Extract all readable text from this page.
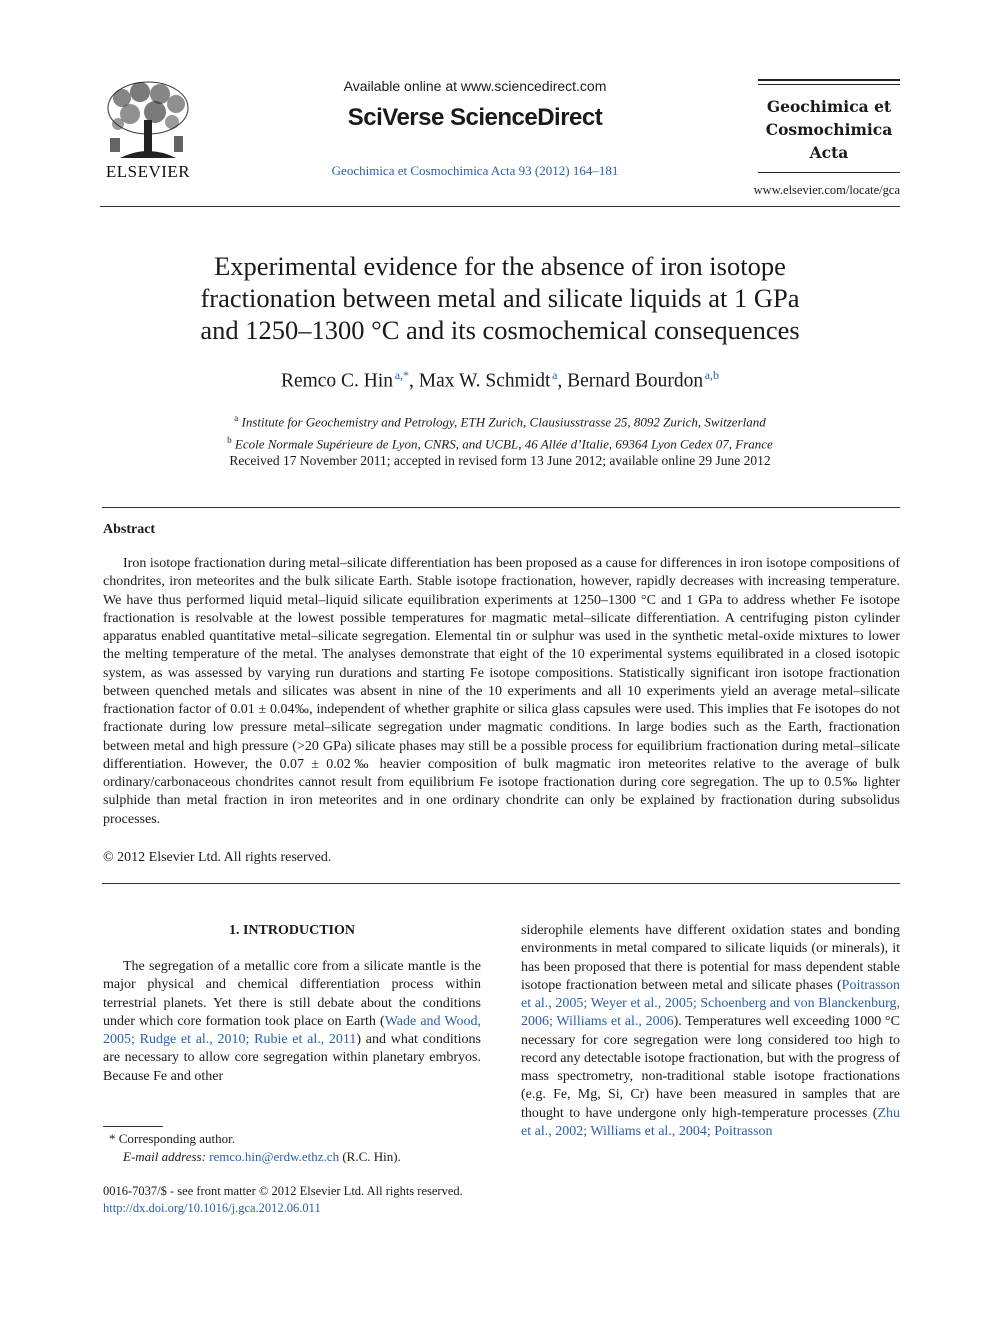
ELSEVIER
Available online at www.sciencedirect.com
SciVerse ScienceDirect
Geochimica et Cosmochimica Acta 93 (2012) 164–181
Geochimica et
Cosmochimica
Acta
www.elsevier.com/locate/gca
Experimental evidence for the absence of iron isotope
fractionation between metal and silicate liquids at 1 GPa
and 1250–1300 °C and its cosmochemical consequences
Remco C. Hin  $^{a,*}$, Max W. Schmidt  $^a$, Bernard Bourdon  $^{a,b}$
$^a$ Institute for Geochemistry and Petrology, ETH Zurich, Clausiusstrasse 25, 8092 Zurich, Switzerland
$^b$ Ecole Normale Supérieure de Lyon, CNRS, and UCBL, 46 Allée d’Italie, 69364 Lyon Cedex 07, France
Received 17 November 2011; accepted in revised form 13 June 2012; available online 29 June 2012
Abstract
Iron isotope fractionation during metal–silicate differentiation has been proposed as a cause for differences in iron isotope compositions of chondrites, iron meteorites and the bulk silicate Earth. Stable isotope fractionation, however, rapidly decreases with increasing temperature. We have thus performed liquid metal–liquid silicate equilibration experiments at 1250–1300 °C and 1 GPa to address whether Fe isotope fractionation is resolvable at the lowest possible temperatures for magmatic metal–silicate differentiation. A centrifuging piston cylinder apparatus enabled quantitative metal–silicate segregation. Elemental tin or sulphur was used in the synthetic metal-oxide mixtures to lower the melting temperature of the metal. The analyses demonstrate that eight of the 10 experimental systems equilibrated in a closed isotopic system, as was assessed by varying run durations and starting Fe isotope compositions. Statistically significant iron isotope fractionation between quenched metals and silicates was absent in nine of the 10 experiments and all 10 experiments yield an average metal–silicate fractionation factor of 0.01 ± 0.04‰, independent of whether graphite or silica glass capsules were used. This implies that Fe isotopes do not fractionate during low pressure metal–silicate segregation under magmatic conditions. In large bodies such as the Earth, fractionation between metal and high pressure (>20 GPa) silicate phases may still be a possible process for equilibrium fractionation during metal–silicate differentiation. However, the 0.07 ± 0.02‰ heavier composition of bulk magmatic iron meteorites relative to the average of bulk ordinary/carbonaceous chondrites cannot result from equilibrium Fe isotope fractionation during core segregation. The up to 0.5‰ lighter sulphide than metal fraction in iron meteorites and in one ordinary chondrite can only be explained by fractionation during subsolidus processes.
© 2012 Elsevier Ltd. All rights reserved.
1. INTRODUCTION
The segregation of a metallic core from a silicate mantle is the major physical and chemical differentiation process within terrestrial planets. Yet there is still debate about the conditions under which core formation took place on Earth (Wade and Wood, 2005; Rudge et al., 2010; Rubie et al., 2011) and what conditions are necessary to allow core segregation within planetary embryos. Because Fe and other
siderophile elements have different oxidation states and bonding environments in metal compared to silicate liquids (or minerals), it has been proposed that there is potential for mass dependent stable isotope fractionation between metal and silicate phases (Poitrasson et al., 2005; Weyer et al., 2005; Schoenberg and von Blanckenburg, 2006; Williams et al., 2006). Temperatures well exceeding 1000 °C necessary for core segregation were long considered too high to record any detectable isotope fractionation, but with the progress of mass spectrometry, non-traditional stable isotope fractionations (e.g. Fe, Mg, Si, Cr) have been measured in samples that are thought to have undergone only high-temperature processes (Zhu et al., 2002; Williams et al., 2004; Poitrasson
* Corresponding author.
E-mail address: remco.hin@erdw.ethz.ch (R.C. Hin).
0016-7037/$ - see front matter © 2012 Elsevier Ltd. All rights reserved.
http://dx.doi.org/10.1016/j.gca.2012.06.011
